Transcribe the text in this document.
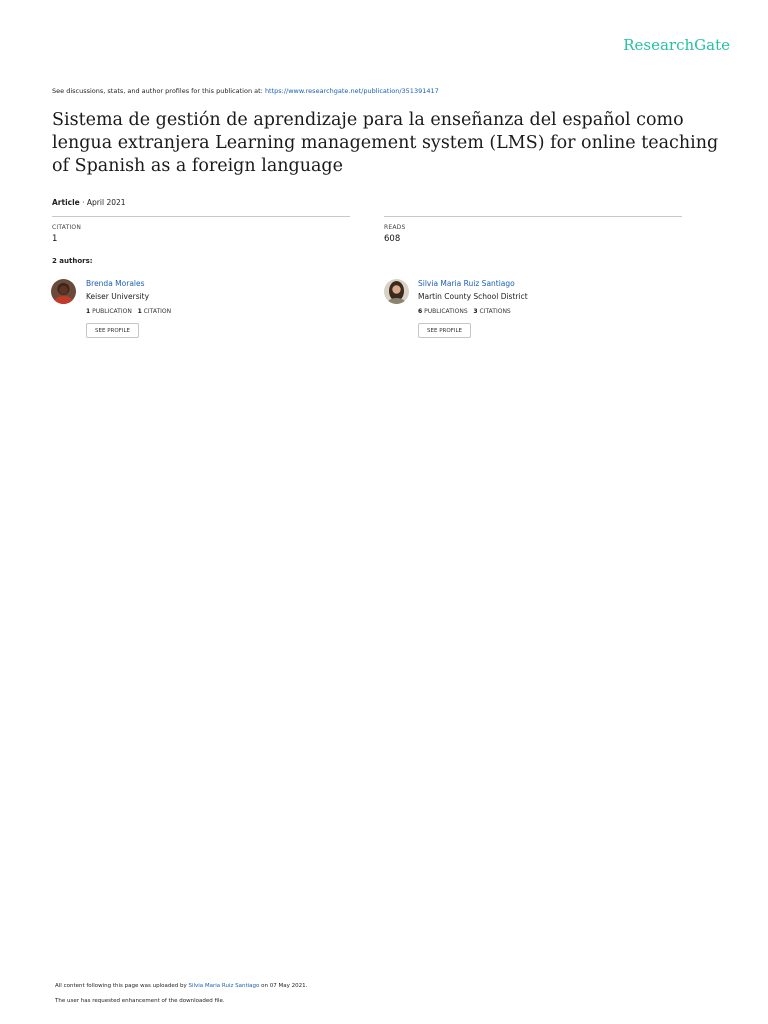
ResearchGate
See discussions, stats, and author profiles for this publication at: https://www.researchgate.net/publication/351391417
Sistema de gestión de aprendizaje para la enseñanza del español como lengua extranjera Learning management system (LMS) for online teaching of Spanish as a foreign language
Article · April 2021
CITATION
1
READS
608
2 authors:
Brenda Morales
Keiser University
1 PUBLICATION 1 CITATION
SEE PROFILE
Silvia Maria Ruiz Santiago
Martin County School District
6 PUBLICATIONS 3 CITATIONS
SEE PROFILE
All content following this page was uploaded by Silvia Maria Ruiz Santiago on 07 May 2021.
The user has requested enhancement of the downloaded file.
